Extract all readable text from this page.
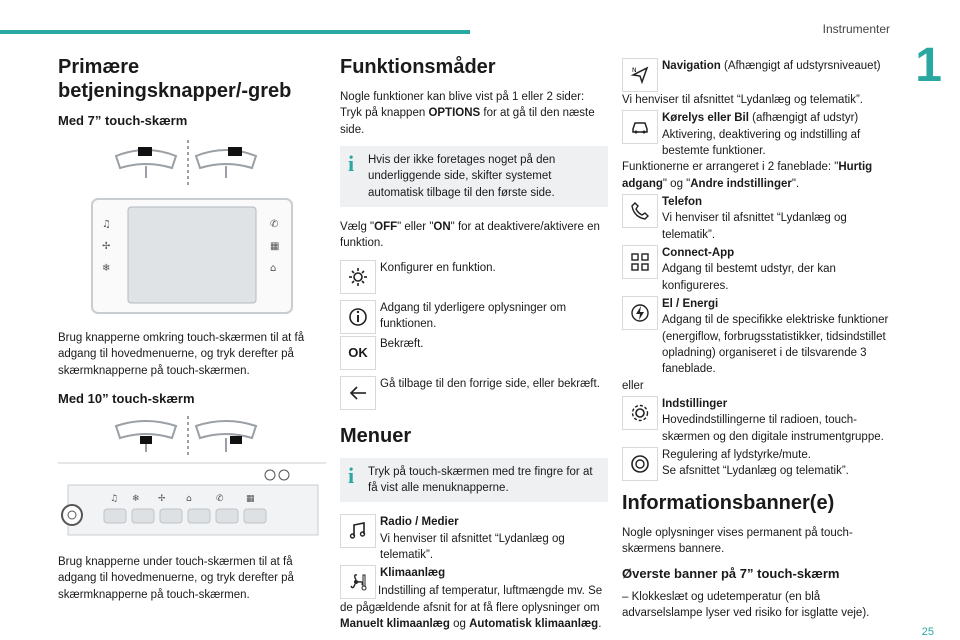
Instrumenter
1
Primære betjeningsknapper/-greb
Med 7” touch-skærm

♫
✢
❄
✆
▦
⌂

Brug knapperne omkring touch-skærmen til at få adgang til hovedmenuerne, og tryk derefter på skærmknapperne på touch-skærmen.

Med 10” touch-skærm

♫ ❄ ✢ ⌂	✆ ▦

Brug knapperne under touch-skærmen til at få adgang til hovedmenuerne, og tryk derefter på skærmknapperne på touch-skærmen.

Funktionsmåder

Nogle funktioner kan blive vist på 1 eller 2 sider: Tryk på knappen OPTIONS for at gå til den næste side.

i	Hvis der ikke foretages noget på den underliggende side, skifter systemet automatisk tilbage til den første side.

Vælg "OFF" eller "ON" for at deaktivere/aktivere en funktion.

Konfigurer en funktion.
Adgang til yderligere oplysninger om funktionen.
OK
Bekræft.
Gå tilbage til den forrige side, eller bekræft.
Menuer
i	Tryk på touch-skærmen med tre fingre for at få vist alle menuknapperne.
Radio / Medier
Vi henviser til afsnittet “Lydanlæg og telematik”.
Klimaanlæg
Indstilling af temperatur, luftmængde mv. Se de pågældende afsnit for at få flere oplysninger om Manuelt klimaanlæg og Automatisk klimaanlæg.
N Navigation (Afhængigt af udstyrsniveauet)
Vi henviser til afsnittet “Lydanlæg og telematik”.
Kørelys eller Bil (afhængigt af udstyr)
Aktivering, deaktivering og indstilling af bestemte funktioner.
Funktionerne er arrangeret i 2 faneblade: "Hurtig adgang" og "Andre indstillinger".
Telefon
Vi henviser til afsnittet “Lydanlæg og telematik”.
Connect-App
Adgang til bestemt udstyr, der kan konfigureres.
El / Energi
Adgang til de specifikke elektriske funktioner (energiflow, forbrugsstatistikker, tidsindstillet opladning) organiseret i de tilsvarende 3 faneblade.
eller
Indstillinger
Hovedindstillingerne til radioen, touch-skærmen og den digitale instrumentgruppe.
Regulering af lydstyrke/mute.
Se afsnittet “Lydanlæg og telematik”.
Informationsbanner(e)

Nogle oplysninger vises permanent på touch-skærmens bannere.

Øverste banner på 7” touch-skærm

– Klokkeslæt og udetemperatur (en blå advarselslampe lyser ved risiko for isglatte veje).

25
